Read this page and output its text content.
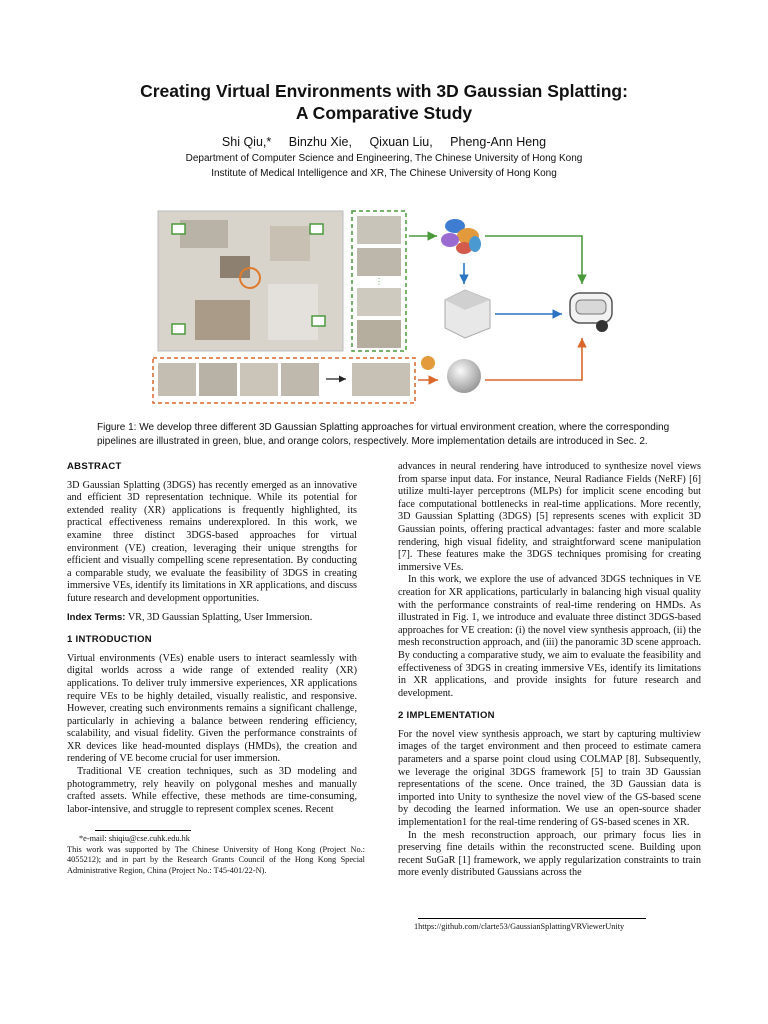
Creating Virtual Environments with 3D Gaussian Splatting:
A Comparative Study
Shi Qiu,* Binzhu Xie, Qixuan Liu, Pheng-Ann Heng
Department of Computer Science and Engineering, The Chinese University of Hong Kong
Institute of Medical Intelligence and XR, The Chinese University of Hong Kong
⋮
Figure 1: We develop three different 3D Gaussian Splatting approaches for virtual environment creation, where the corresponding pipelines are illustrated in green, blue, and orange colors, respectively. More implementation details are introduced in Sec. 2.

ABSTRACT

3D Gaussian Splatting (3DGS) has recently emerged as an innovative and efficient 3D representation technique. While its potential for extended reality (XR) applications is frequently highlighted, its practical effectiveness remains underexplored. In this work, we examine three distinct 3DGS-based approaches for virtual environment (VE) creation, leveraging their unique strengths for efficient and visually compelling scene representation. By conducting a comparable study, we evaluate the feasibility of 3DGS in creating immersive VEs, identify its limitations in XR applications, and discuss future research and development opportunities.

Index Terms: VR, 3D Gaussian Splatting, User Immersion.

1 INTRODUCTION

Virtual environments (VEs) enable users to interact seamlessly with digital worlds across a wide range of extended reality (XR) applications. To deliver truly immersive experiences, XR applications require VEs to be highly detailed, visually realistic, and responsive. However, creating such environments remains a significant challenge, particularly in achieving a balance between rendering efficiency, scalability, and visual fidelity. Given the performance constraints of XR devices like head-mounted displays (HMDs), the creation and rendering of VE become crucial for user immersion.

Traditional VE creation techniques, such as 3D modeling and photogrammetry, rely heavily on polygonal meshes and manually crafted assets. While effective, these methods are time-consuming, labor-intensive, and struggle to represent complex scenes. Recent

*e-mail: shiqiu@cse.cuhk.edu.hk
This work was supported by The Chinese University of Hong Kong (Project No.: 4055212); and in part by the Research Grants Council of the Hong Kong Special Administrative Region, China (Project No.: T45-401/22-N).

advances in neural rendering have introduced to synthesize novel views from sparse input data. For instance, Neural Radiance Fields (NeRF) [6] utilize multi-layer perceptrons (MLPs) for implicit scene encoding but face computational bottlenecks in real-time applications. More recently, 3D Gaussian Splatting (3DGS) [5] represents scenes with explicit 3D Gaussian points, offering practical advantages: faster and more scalable rendering, high visual fidelity, and straightforward scene manipulation [7]. These features make the 3DGS techniques promising for creating immersive VEs.

In this work, we explore the use of advanced 3DGS techniques in VE creation for XR applications, particularly in balancing high visual quality with the performance constraints of real-time rendering on HMDs. As illustrated in Fig. 1, we introduce and evaluate three distinct 3DGS-based approaches for VE creation: (i) the novel view synthesis approach, (ii) the mesh reconstruction approach, and (iii) the panoramic 3D scene approach. By conducting a comparative study, we aim to evaluate the feasibility and effectiveness of 3DGS in creating immersive VEs, identify its limitations in XR applications, and provide insights for future research and development.

2 IMPLEMENTATION

For the novel view synthesis approach, we start by capturing multiview images of the target environment and then proceed to estimate camera parameters and a sparse point cloud using COLMAP [8]. Subsequently, we leverage the original 3DGS framework [5] to train 3D Gaussian representations of the scene. Once trained, the 3D Gaussian data is imported into Unity to synthesize the novel view of the GS-based scene by decoding the learned information. We use an open-source shader implementation1 for the real-time rendering of GS-based scenes in XR.

In the mesh reconstruction approach, our primary focus lies in preserving fine details within the reconstructed scene. Building upon recent SuGaR [1] framework, we apply regularization constraints to train more evenly distributed Gaussians across the

1https://github.com/clarte53/GaussianSplattingVRViewerUnity
